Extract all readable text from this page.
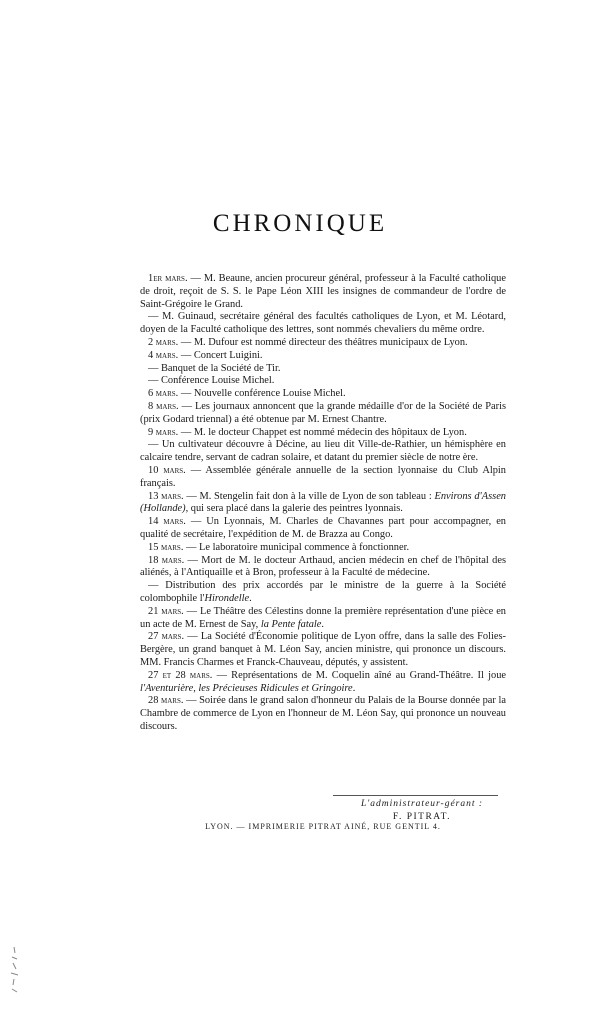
CHRONIQUE

1er mars. — M. Beaune, ancien procureur général, professeur à la Faculté catholique de droit, reçoit de S. S. le Pape Léon XIII les insignes de commandeur de l'ordre de Saint-Grégoire le Grand.

— M. Guinaud, secrétaire général des facultés catholiques de Lyon, et M. Léotard, doyen de la Faculté catholique des lettres, sont nommés chevaliers du même ordre.

2 mars. — M. Dufour est nommé directeur des théâtres municipaux de Lyon.

4 mars. — Concert Luigini.

— Banquet de la Société de Tir.

— Conférence Louise Michel.

6 mars. — Nouvelle conférence Louise Michel.

8 mars. — Les journaux annoncent que la grande médaille d'or de la Société de Paris (prix Godard triennal) a été obtenue par M. Ernest Chantre.

9 mars. — M. le docteur Chappet est nommé médecin des hôpitaux de Lyon.

— Un cultivateur découvre à Décine, au lieu dit Ville-de-Rathier, un hémisphère en calcaire tendre, servant de cadran solaire, et datant du premier siècle de notre ère.

10 mars. — Assemblée générale annuelle de la section lyonnaise du Club Alpin français.

13 mars. — M. Stengelin fait don à la ville de Lyon de son tableau : Environs d'Assen (Hollande), qui sera placé dans la galerie des peintres lyonnais.

14 mars. — Un Lyonnais, M. Charles de Chavannes part pour accompagner, en qualité de secrétaire, l'expédition de M. de Brazza au Congo.

15 mars. — Le laboratoire municipal commence à fonctionner.

18 mars. — Mort de M. le docteur Arthaud, ancien médecin en chef de l'hôpital des aliénés, à l'Antiquaille et à Bron, professeur à la Faculté de médecine.

— Distribution des prix accordés par le ministre de la guerre à la Société colombophile l'Hirondelle.

21 mars. — Le Théâtre des Célestins donne la première représentation d'une pièce en un acte de M. Ernest de Say, la Pente fatale.

27 mars. — La Société d'Économie politique de Lyon offre, dans la salle des Folies-Bergère, un grand banquet à M. Léon Say, ancien ministre, qui prononce un discours. MM. Francis Charmes et Franck-Chauveau, députés, y assistent.

27 et 28 mars. — Représentations de M. Coquelin aîné au Grand-Théâtre. Il joue l'Aventurière, les Précieuses Ridicules et Gringoire.

28 mars. — Soirée dans le grand salon d'honneur du Palais de la Bourse donnée par la Chambre de commerce de Lyon en l'honneur de M. Léon Say, qui prononce un nouveau discours.

L'administrateur-gérant :
F. PITRAT.
LYON. — IMPRIMERIE PITRAT AINÉ, RUE GENTIL 4.
